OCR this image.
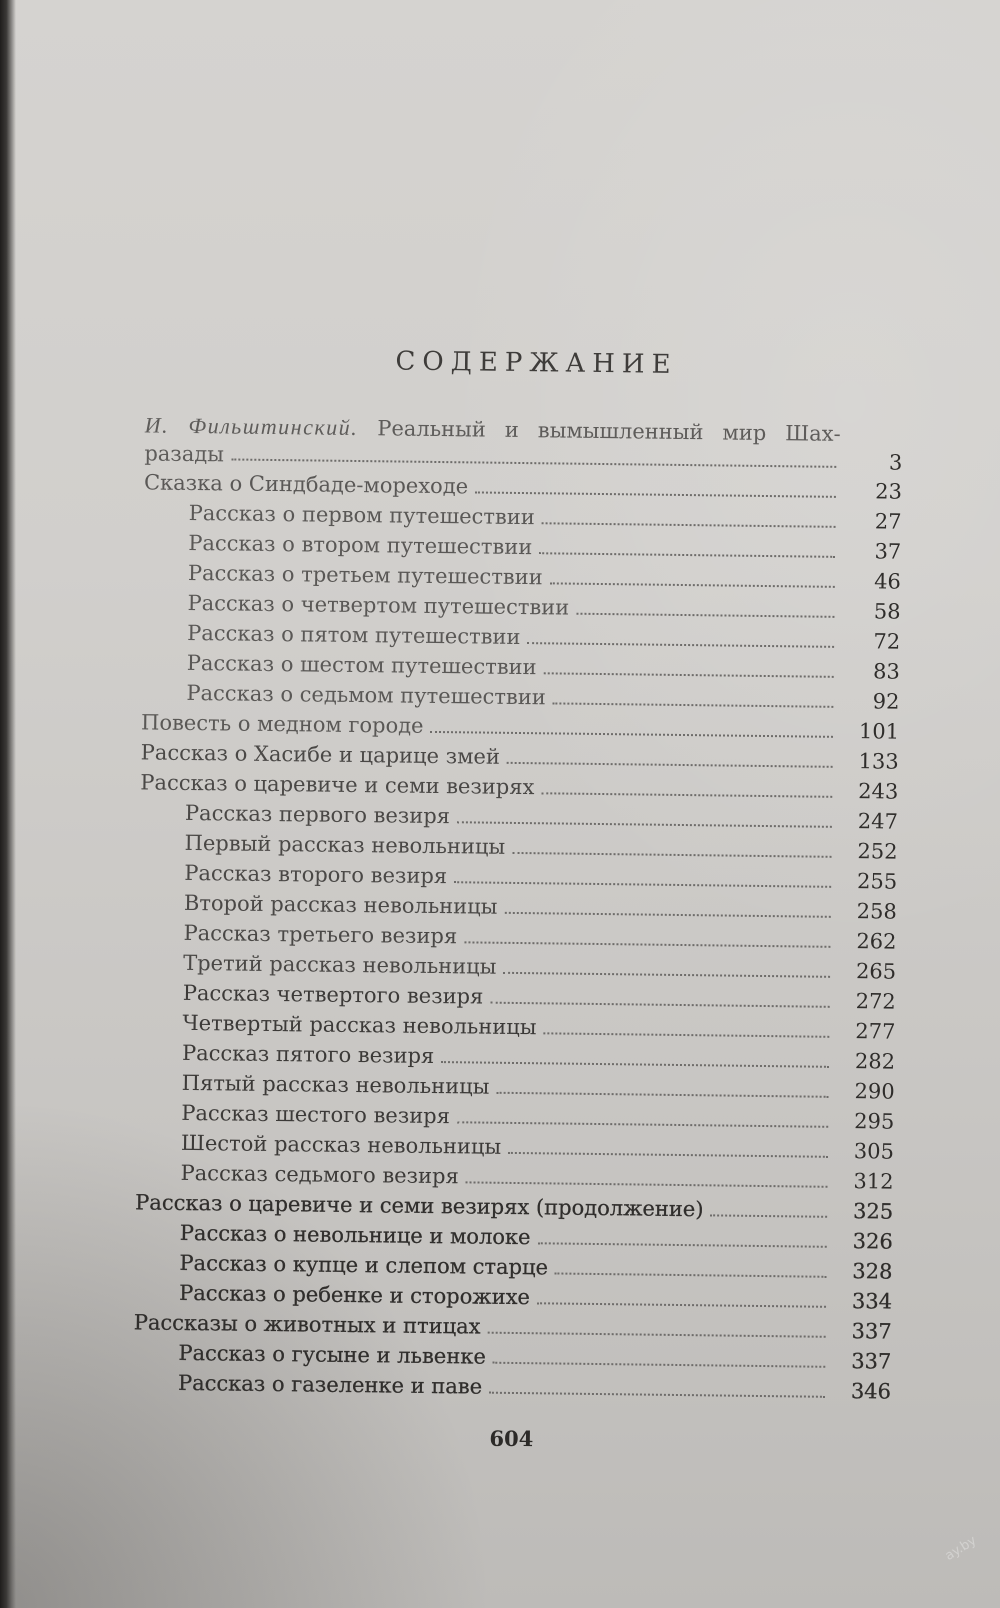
СОДЕРЖАНИЕ
И. Фильштинский. Реальный и вымышленный мир Шах-
разады	3
Сказка о Синдбаде-мореходе	23
Рассказ о первом путешествии	27
Рассказ о втором путешествии	37
Рассказ о третьем путешествии	46
Рассказ о четвертом путешествии	58
Рассказ о пятом путешествии	72
Рассказ о шестом путешествии	83
Рассказ о седьмом путешествии	92
Повесть о медном городе	101
Рассказ о Хасибе и царице змей	133
Рассказ о царевиче и семи везирях	243
Рассказ первого везиря	247
Первый рассказ невольницы	252
Рассказ второго везиря	255
Второй рассказ невольницы	258
Рассказ третьего везиря	262
Третий рассказ невольницы	265
Рассказ четвертого везиря	272
Четвертый рассказ невольницы	277
Рассказ пятого везиря	282
Пятый рассказ невольницы	290
Рассказ шестого везиря	295
Шестой рассказ невольницы	305
Рассказ седьмого везиря	312
Рассказ о царевиче и семи везирях (продолжение)	325
Рассказ о невольнице и молоке	326
Рассказ о купце и слепом старце	328
Рассказ о ребенке и сторожихе	334
Рассказы о животных и птицах	337
Рассказ о гусыне и львенке	337
Рассказ о газеленке и паве	346
604
ay.by
